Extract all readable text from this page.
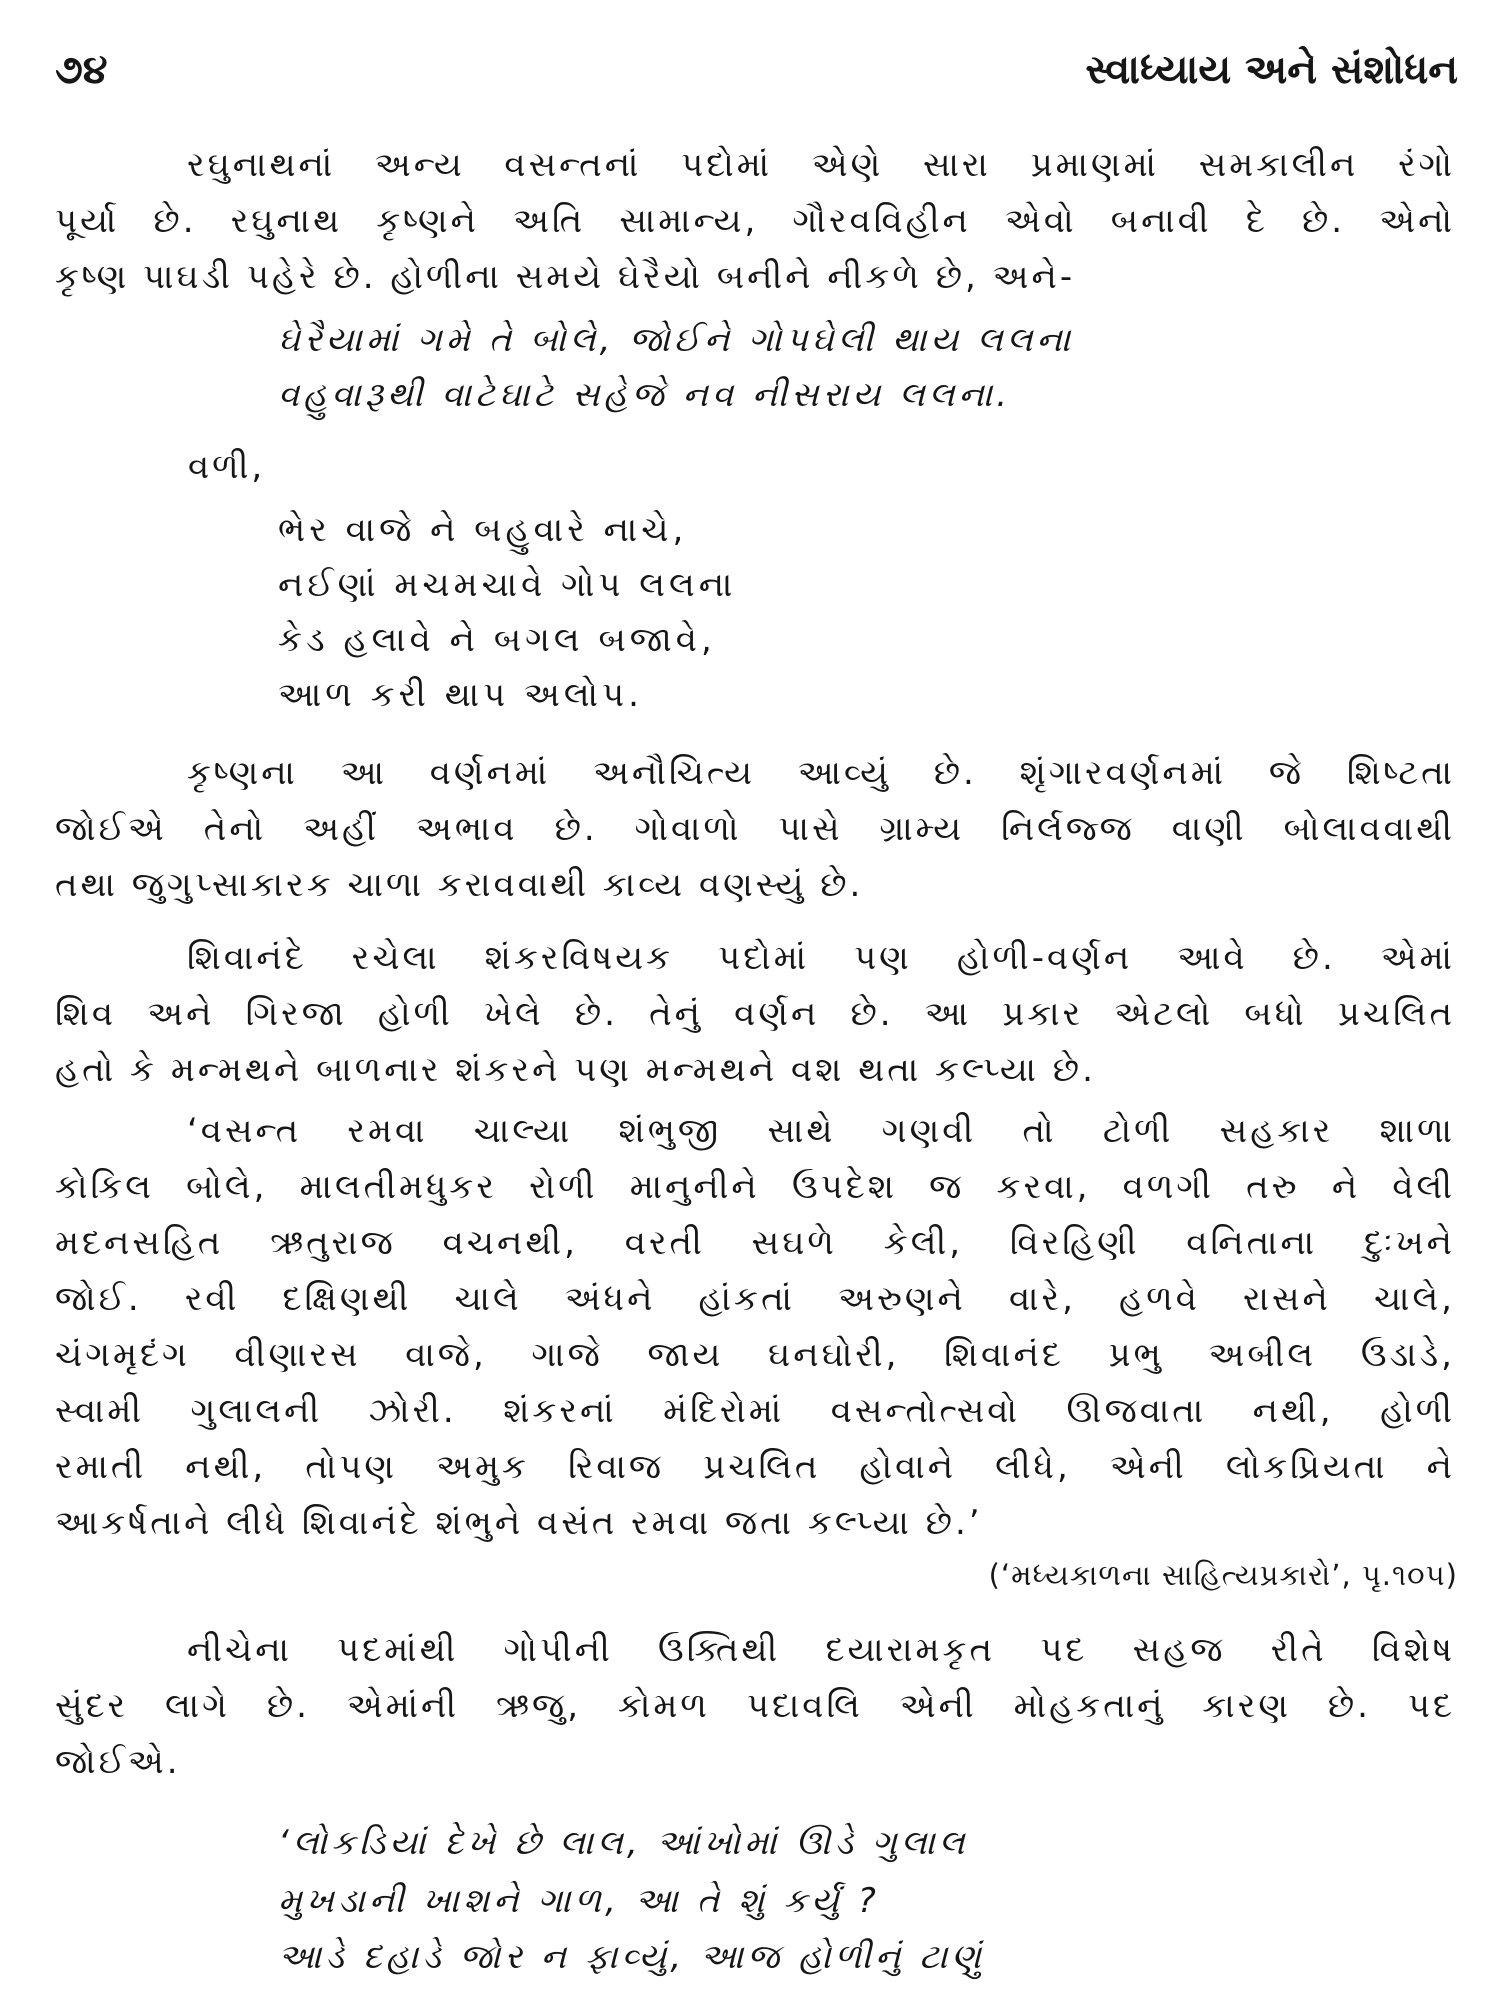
૭૪	સ્વાધ્યાય અને સંશોધન
રઘુનાથનાં અન્ય વસન્તનાં પદોમાં એણે સારા પ્રમાણમાં સમકાલીન રંગો
પૂર્યા છે. રઘુનાથ કૃષ્ણને અતિ સામાન્ય, ગૌરવવિહીન એવો બનાવી દે છે. એનો
કૃષ્ણ પાઘડી પહેરે છે. હોળીના સમયે ઘેરૈયો બનીને નીકળે છે, અને-
ઘેરૈયામાં ગમે તે બોલે, જોઈને ગોપઘેલી થાય લલના
વહુવારૂથી વાટેઘાટે સહેજે નવ નીસરાય લલના.
વળી,
ભેર વાજે ને બહુવારે નાચે,
નઈણાં મચમચાવે ગોપ લલના
કેડ હલાવે ને બગલ બજાવે,
આળ કરી થાપ અલોપ.
કૃષ્ણના આ વર્ણનમાં અનૌચિત્ય આવ્યું છે. શૃંગારવર્ણનમાં જે શિષ્ટતા
જોઈએ તેનો અહીં અભાવ છે. ગોવાળો પાસે ગ્રામ્ય નિર્લજ્જ વાણી બોલાવવાથી
તથા જુગુપ્સાકારક ચાળા કરાવવાથી કાવ્ય વણસ્યું છે.
શિવાનંદે રચેલા શંકરવિષયક પદોમાં પણ હોળી-વર્ણન આવે છે. એમાં
શિવ અને ગિરજા હોળી ખેલે છે. તેનું વર્ણન છે. આ પ્રકાર એટલો બધો પ્રચલિત
હતો કે મન્મથને બાળનાર શંકરને પણ મન્મથને વશ થતા કલ્પ્યા છે.
‘વસન્ત રમવા ચાલ્યા શંભુજી સાથે ગણવી તો ટોળી સહકાર શાળા
કોકિલ બોલે, માલતીમધુકર રોળી માનુનીને ઉપદેશ જ કરવા, વળગી તરુ ને વેલી
મદનસહિત ઋતુરાજ વચનથી, વરતી સઘળે કેલી, વિરહિણી વનિતાના દુઃખને
જોઈ. રવી દક્ષિણથી ચાલે અંધને હાંકતાં અરુણને વારે, હળવે રાસને ચાલે,
ચંગમૃદંગ વીણારસ વાજે, ગાજે જાય ઘનઘોરી, શિવાનંદ પ્રભુ અબીલ ઉડાડે,
સ્વામી ગુલાલની ઝોરી. શંકરનાં મંદિરોમાં વસન્તોત્સવો ઊજવાતા નથી, હોળી
રમાતી નથી, તોપણ અમુક રિવાજ પ્રચલિત હોવાને લીધે, એની લોકપ્રિયતા ને
આકર્ષતાને લીધે શિવાનંદે શંભુને વસંત રમવા જતા કલ્પ્યા છે.’
(‘મધ્યકાળના સાહિત્યપ્રકારો’, પૃ.૧૦૫)
નીચેના પદમાંથી ગોપીની ઉક્તિથી દયારામકૃત પદ સહજ રીતે વિશેષ
સુંદર લાગે છે. એમાંની ઋજુ, કોમળ પદાવલિ એની મોહકતાનું કારણ છે. પદ
જોઈએ.
‘લોકડિયાં દેખે છે લાલ, આંખોમાં ઊડે ગુલાલ
મુખડાની ખાશને ગાળ, આ તે શું કર્યું ?
આડે દહાડે જોર ન ફાવ્યું, આજ હોળીનું ટાણું
